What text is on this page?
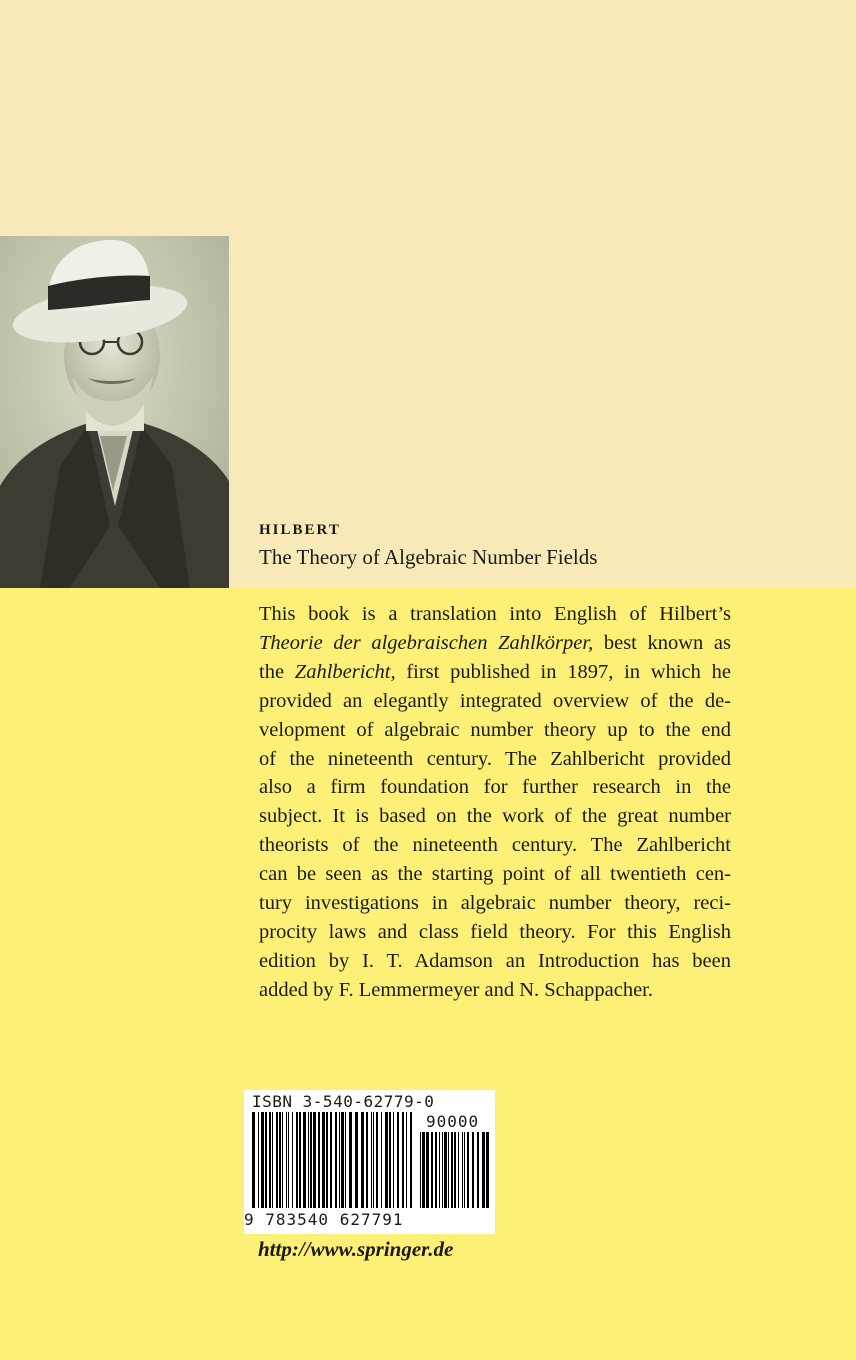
HILBERT
The Theory of Algebraic Number Fields

This book is a translation into English of Hilbert’s
Theorie der algebraischen Zahlkörper, best known as
the Zahlbericht, first published in 1897, in which he
provided an elegantly integrated overview of the de-
velopment of algebraic number theory up to the end
of the nineteenth century. The Zahlbericht provided
also a firm foundation for further research in the
subject. It is based on the work of the great number
theorists of the nineteenth century. The Zahlbericht
can be seen as the starting point of all twentieth cen-
tury investigations in algebraic number theory, reci-
procity laws and class field theory. For this English
edition by I. T. Adamson an Introduction has been
added by F. Lemmermeyer and N. Schappacher.

ISBN 3-540-62779-0
90000
9 783540 627791
http://www.springer.de
